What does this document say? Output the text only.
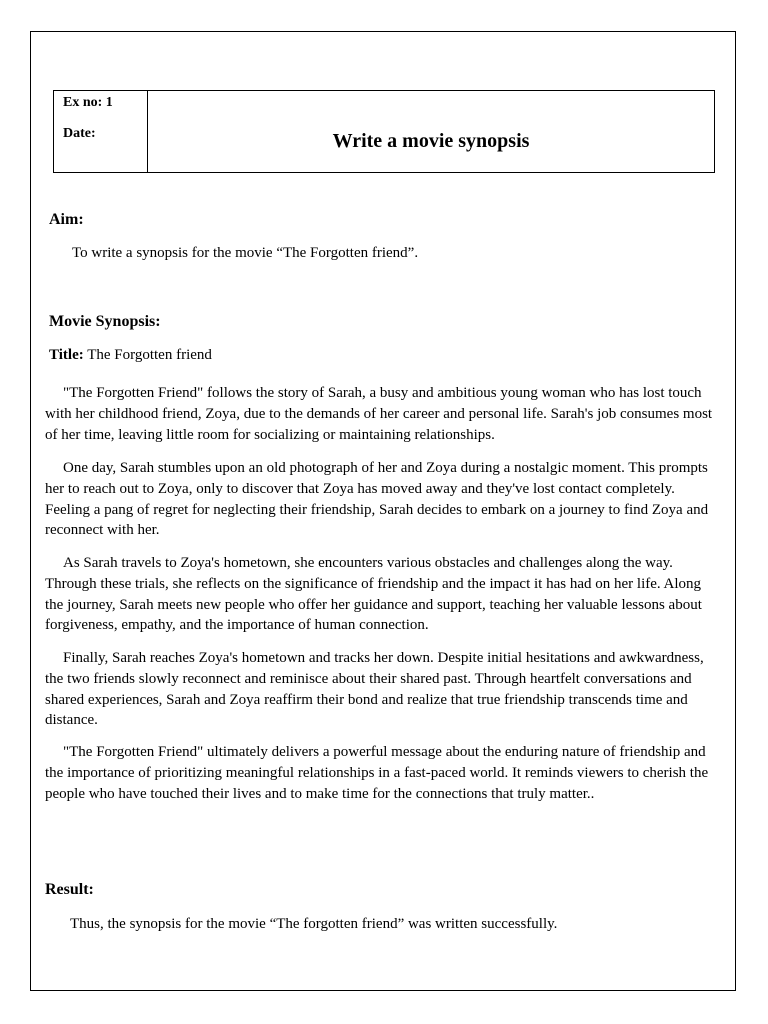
Ex no: 1
Date:	Write a movie synopsis
Aim:
To write a synopsis for the movie “The Forgotten friend”.
Movie Synopsis:
Title: The Forgotten friend

"The Forgotten Friend" follows the story of Sarah, a busy and ambitious young woman who has lost touch with her childhood friend, Zoya, due to the demands of her career and personal life. Sarah's job consumes most of her time, leaving little room for socializing or maintaining relationships.

One day, Sarah stumbles upon an old photograph of her and Zoya during a nostalgic moment. This prompts her to reach out to Zoya, only to discover that Zoya has moved away and they've lost contact completely. Feeling a pang of regret for neglecting their friendship, Sarah decides to embark on a journey to find Zoya and reconnect with her.

As Sarah travels to Zoya's hometown, she encounters various obstacles and challenges along the way. Through these trials, she reflects on the significance of friendship and the impact it has had on her life. Along the journey, Sarah meets new people who offer her guidance and support, teaching her valuable lessons about forgiveness, empathy, and the importance of human connection.

Finally, Sarah reaches Zoya's hometown and tracks her down. Despite initial hesitations and awkwardness, the two friends slowly reconnect and reminisce about their shared past. Through heartfelt conversations and shared experiences, Sarah and Zoya reaffirm their bond and realize that true friendship transcends time and distance.

"The Forgotten Friend" ultimately delivers a powerful message about the enduring nature of friendship and the importance of prioritizing meaningful relationships in a fast-paced world. It reminds viewers to cherish the people who have touched their lives and to make time for the connections that truly matter..

Result:
Thus, the synopsis for the movie “The forgotten friend” was written successfully.
